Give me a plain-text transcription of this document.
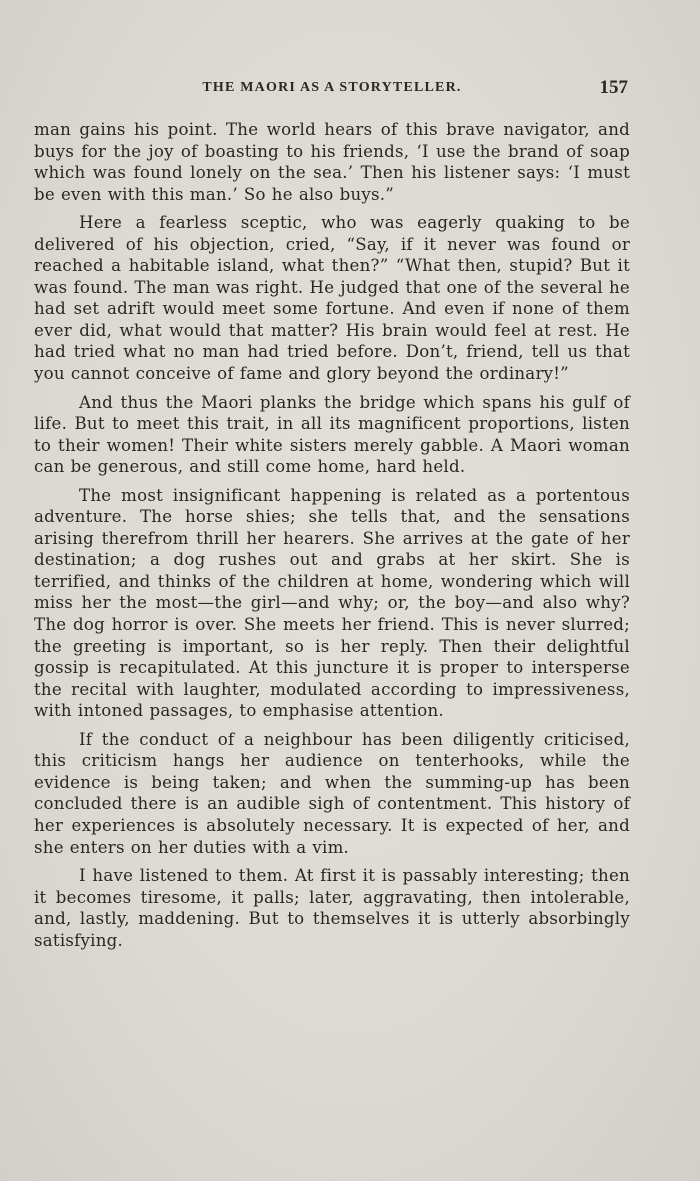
THE MAORI AS A STORYTELLER.	157

man gains his point. The world hears of this brave navigator, and buys for the joy of boasting to his friends, ‘I use the brand of soap which was found lonely on the sea.’ Then his listener says: ‘I must be even with this man.’ So he also buys.”

Here a fearless sceptic, who was eagerly quaking to be delivered of his objection, cried, “Say, if it never was found or reached a habitable island, what then?” “What then, stupid? But it was found. The man was right. He judged that one of the several he had set adrift would meet some fortune. And even if none of them ever did, what would that matter? His brain would feel at rest. He had tried what no man had tried before. Don’t, friend, tell us that you cannot conceive of fame and glory beyond the ordinary!”

And thus the Maori planks the bridge which spans his gulf of life. But to meet this trait, in all its magnificent proportions, listen to their women! Their white sisters merely gabble. A Maori woman can be generous, and still come home, hard held.

The most insignificant happening is related as a portentous adventure. The horse shies; she tells that, and the sensations arising therefrom thrill her hearers. She arrives at the gate of her destination; a dog rushes out and grabs at her skirt. She is terrified, and thinks of the children at home, wondering which will miss her the most—the girl—and why; or, the boy—and also why? The dog horror is over. She meets her friend. This is never slurred; the greeting is important, so is her reply. Then their delightful gossip is recapitulated. At this juncture it is proper to intersperse the recital with laughter, modulated according to impressiveness, with intoned passages, to emphasise attention.

If the conduct of a neighbour has been diligently criticised, this criticism hangs her audience on tenterhooks, while the evidence is being taken; and when the summing-up has been concluded there is an audible sigh of contentment. This history of her experiences is absolutely necessary. It is expected of her, and she enters on her duties with a vim.

I have listened to them. At first it is passably interesting; then it becomes tiresome, it palls; later, aggravating, then intolerable, and, lastly, maddening. But to themselves it is utterly absorbingly satisfying.
